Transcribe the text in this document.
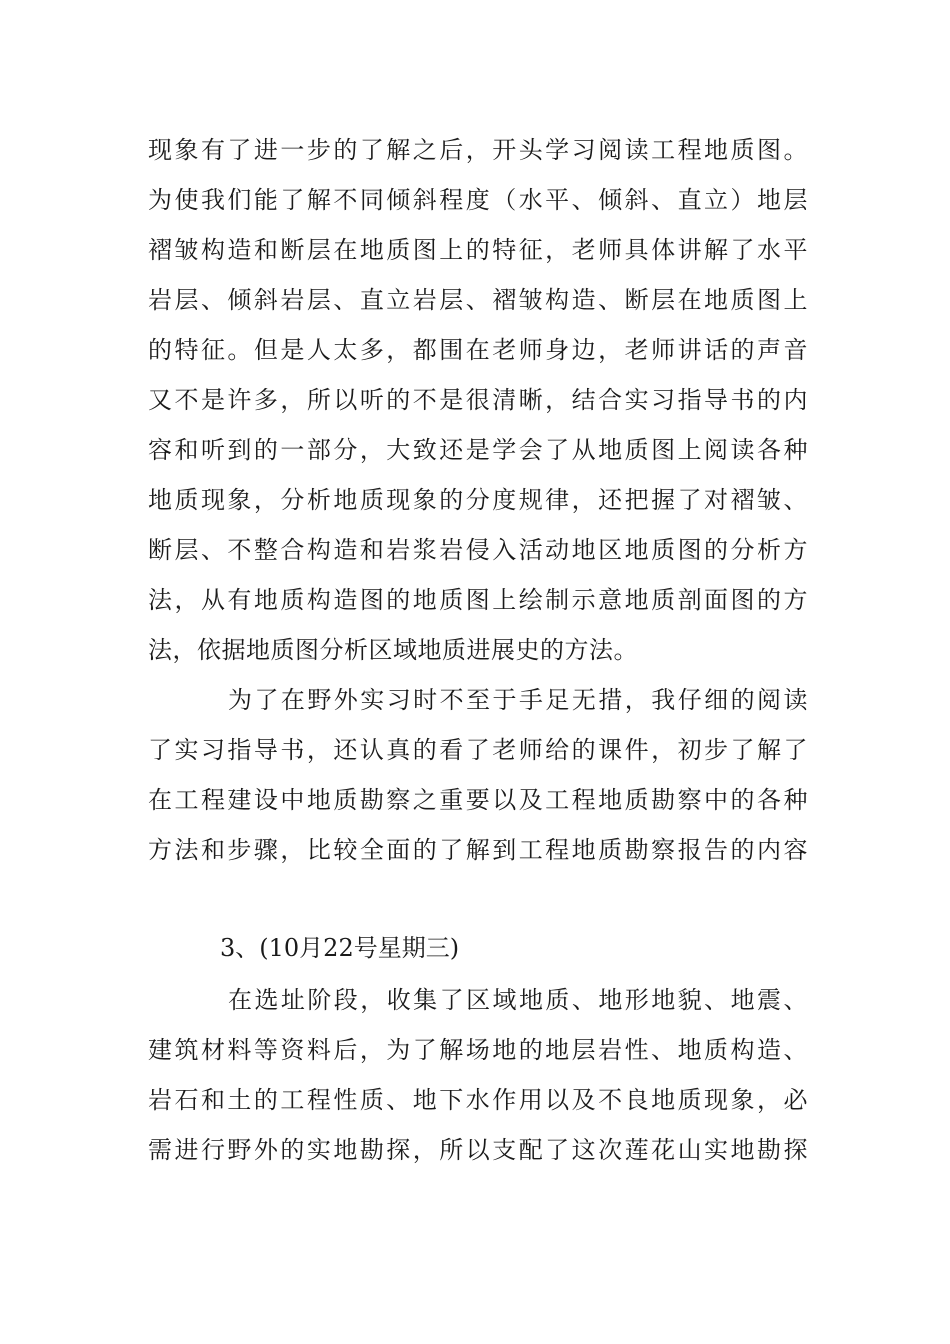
现象有了进一步的了解之后，开头学习阅读工程地质图。
为使我们能了解不同倾斜程度（水平、倾斜、直立）地层
褶皱构造和断层在地质图上的特征，老师具体讲解了水平
岩层、倾斜岩层、直立岩层、褶皱构造、断层在地质图上
的特征。但是人太多，都围在老师身边，老师讲话的声音
又不是许多，所以听的不是很清晰，结合实习指导书的内
容和听到的一部分，大致还是学会了从地质图上阅读各种
地质现象，分析地质现象的分度规律，还把握了对褶皱、
断层、不整合构造和岩浆岩侵入活动地区地质图的分析方
法，从有地质构造图的地质图上绘制示意地质剖面图的方
法，依据地质图分析区域地质进展史的方法。
为了在野外实习时不至于手足无措，我仔细的阅读
了实习指导书，还认真的看了老师给的课件，初步了解了
在工程建设中地质勘察之重要以及工程地质勘察中的各种
方法和步骤，比较全面的了解到工程地质勘察报告的内容
3、(10月22号星期三)
在选址阶段，收集了区域地质、地形地貌、地震、
建筑材料等资料后，为了解场地的地层岩性、地质构造、
岩石和土的工程性质、地下水作用以及不良地质现象，必
需进行野外的实地勘探，所以支配了这次莲花山实地勘探
